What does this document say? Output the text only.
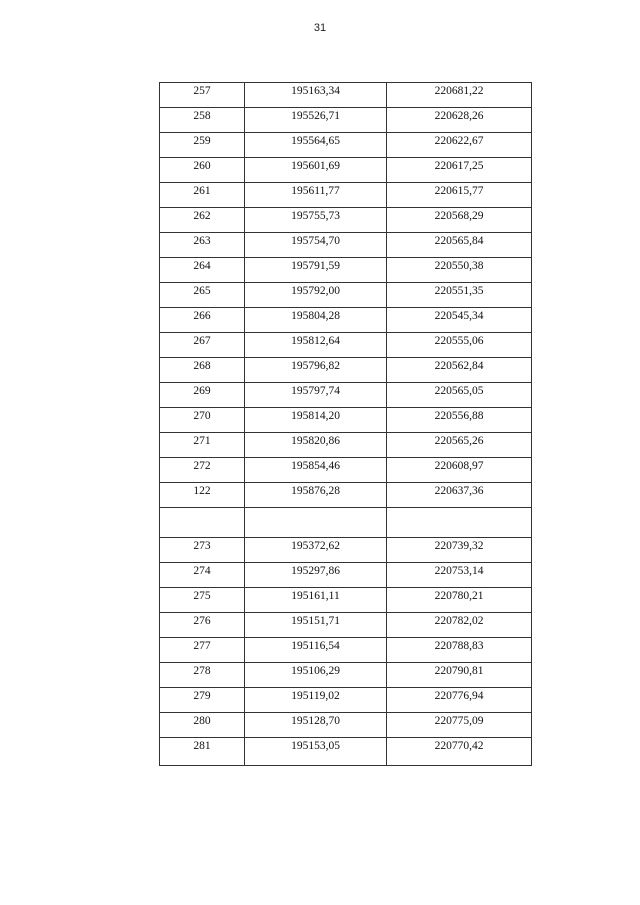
31
257	195163,34	220681,22
258	195526,71	220628,26
259	195564,65	220622,67
260	195601,69	220617,25
261	195611,77	220615,77
262	195755,73	220568,29
263	195754,70	220565,84
264	195791,59	220550,38
265	195792,00	220551,35
266	195804,28	220545,34
267	195812,64	220555,06
268	195796,82	220562,84
269	195797,74	220565,05
270	195814,20	220556,88
271	195820,86	220565,26
272	195854,46	220608,97
122	195876,28	220637,36

273	195372,62	220739,32
274	195297,86	220753,14
275	195161,11	220780,21
276	195151,71	220782,02
277	195116,54	220788,83
278	195106,29	220790,81
279	195119,02	220776,94
280	195128,70	220775,09
281	195153,05	220770,42
